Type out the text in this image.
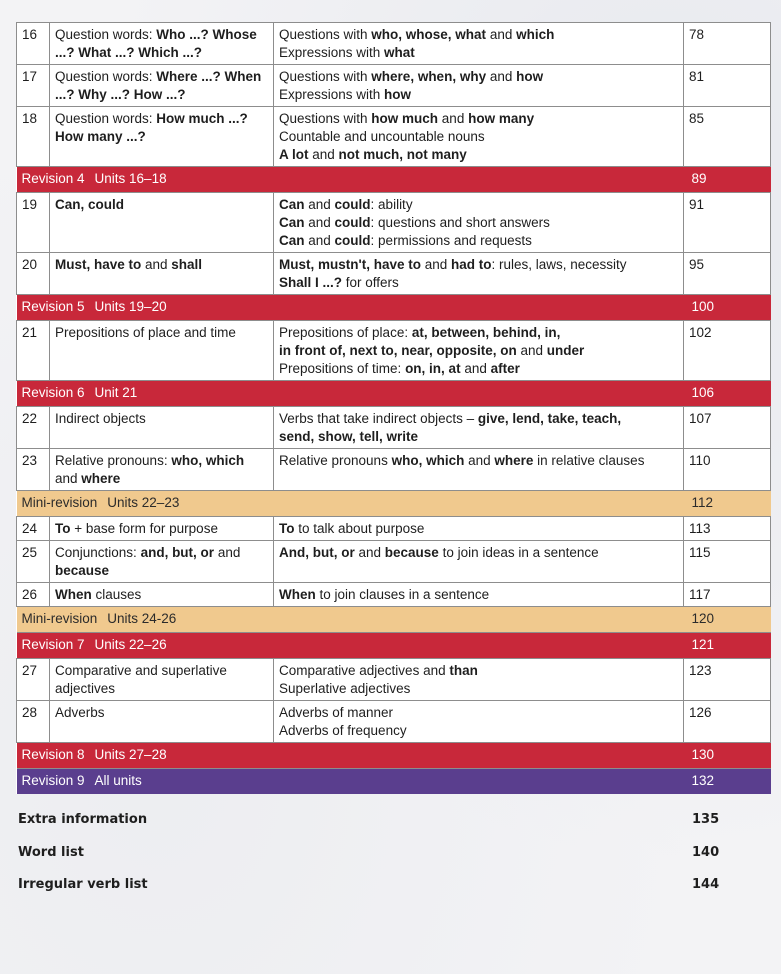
16	Question words: Who ...? Whose ...? What ...? Which ...?	Questions with who, whose, what and which
Expressions with what	78
17	Question words: Where ...? When ...? Why ...? How ...?	Questions with where, when, why and how
Expressions with how	81
18	Question words: How much ...? How many ...?	Questions with how much and how many
Countable and uncountable nouns
A lot and not much, not many	85
Revision 4 Units 16–18			89
19	Can, could	Can and could: ability
Can and could: questions and short answers
Can and could: permissions and requests	91
20	Must, have to and shall	Must, mustn't, have to and had to: rules, laws, necessity
Shall I ...? for offers	95
Revision 5 Units 19–20			100
21	Prepositions of place and time	Prepositions of place: at, between, behind, in,
in front of, next to, near, opposite, on and under
Prepositions of time: on, in, at and after	102
Revision 6 Unit 21			106
22	Indirect objects	Verbs that take indirect objects – give, lend, take, teach,
send, show, tell, write	107
23	Relative pronouns: who, which and where	Relative pronouns who, which and where in relative clauses	110
Mini-revision Units 22–23			112
24	To + base form for purpose	To to talk about purpose	113
25	Conjunctions: and, but, or and because	And, but, or and because to join ideas in a sentence	115
26	When clauses	When to join clauses in a sentence	117
Mini-revision Units 24-26			120
Revision 7 Units 22–26			121
27	Comparative and superlative adjectives	Comparative adjectives and than
Superlative adjectives	123
28	Adverbs	Adverbs of manner
Adverbs of frequency	126
Revision 8 Units 27–28			130
Revision 9 All units			132
Extra information	135
Word list	140
Irregular verb list	144
